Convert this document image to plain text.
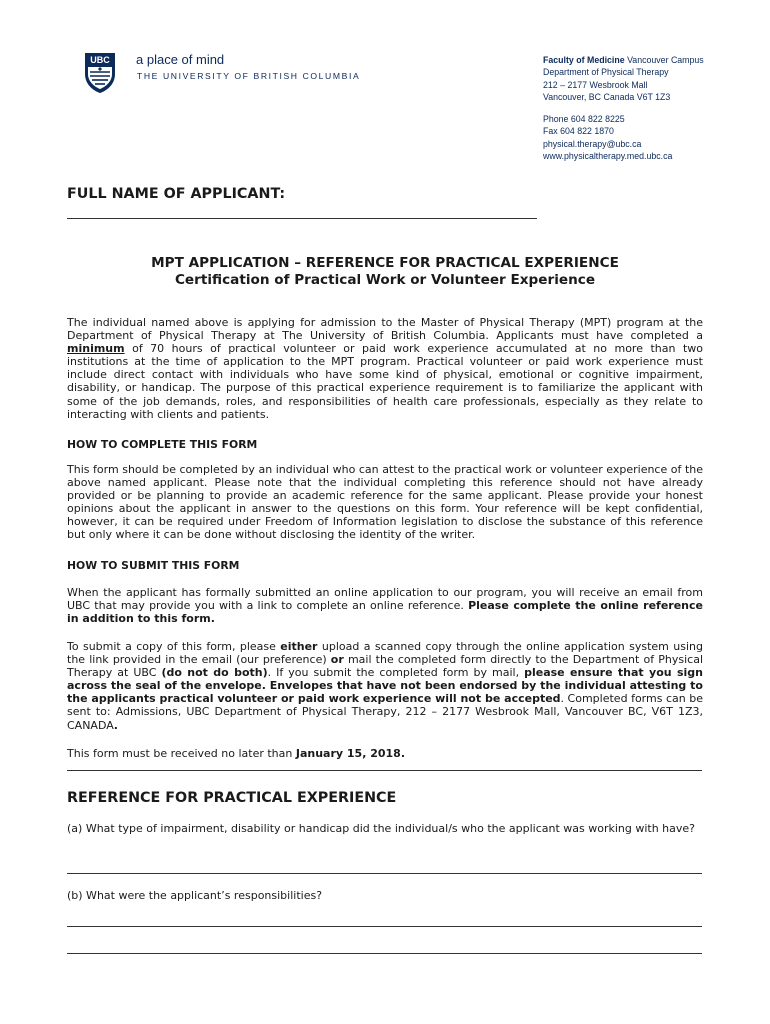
UBC a place of mind
THE UNIVERSITY OF BRITISH COLUMBIA
Faculty of Medicine Vancouver Campus
Department of Physical Therapy
212 – 2177 Wesbrook Mall
Vancouver, BC Canada V6T 1Z3
Phone 604 822 8225
Fax 604 822 1870
physical.therapy@ubc.ca
www.physicaltherapy.med.ubc.ca
FULL NAME OF APPLICANT:
MPT APPLICATION – REFERENCE FOR PRACTICAL EXPERIENCE
Certification of Practical Work or Volunteer Experience
The individual named above is applying for admission to the Master of Physical Therapy (MPT) program at the Department of Physical Therapy at The University of British Columbia. Applicants must have completed a minimum of 70 hours of practical volunteer or paid work experience accumulated at no more than two institutions at the time of application to the MPT program. Practical volunteer or paid work experience must include direct contact with individuals who have some kind of physical, emotional or cognitive impairment, disability, or handicap. The purpose of this practical experience requirement is to familiarize the applicant with some of the job demands, roles, and responsibilities of health care professionals, especially as they relate to interacting with clients and patients.
HOW TO COMPLETE THIS FORM
This form should be completed by an individual who can attest to the practical work or volunteer experience of the above named applicant. Please note that the individual completing this reference should not have already provided or be planning to provide an academic reference for the same applicant. Please provide your honest opinions about the applicant in answer to the questions on this form. Your reference will be kept confidential, however, it can be required under Freedom of Information legislation to disclose the substance of this reference but only where it can be done without disclosing the identity of the writer.
HOW TO SUBMIT THIS FORM
When the applicant has formally submitted an online application to our program, you will receive an email from UBC that may provide you with a link to complete an online reference. Please complete the online reference in addition to this form.
To submit a copy of this form, please either upload a scanned copy through the online application system using the link provided in the email (our preference) or mail the completed form directly to the Department of Physical Therapy at UBC (do not do both). If you submit the completed form by mail, please ensure that you sign across the seal of the envelope. Envelopes that have not been endorsed by the individual attesting to the applicants practical volunteer or paid work experience will not be accepted. Completed forms can be sent to: Admissions, UBC Department of Physical Therapy, 212 – 2177 Wesbrook Mall, Vancouver BC, V6T 1Z3, CANADA.
This form must be received no later than January 15, 2018.
REFERENCE FOR PRACTICAL EXPERIENCE
(a) What type of impairment, disability or handicap did the individual/s who the applicant was working with have?
(b) What were the applicant’s responsibilities?
